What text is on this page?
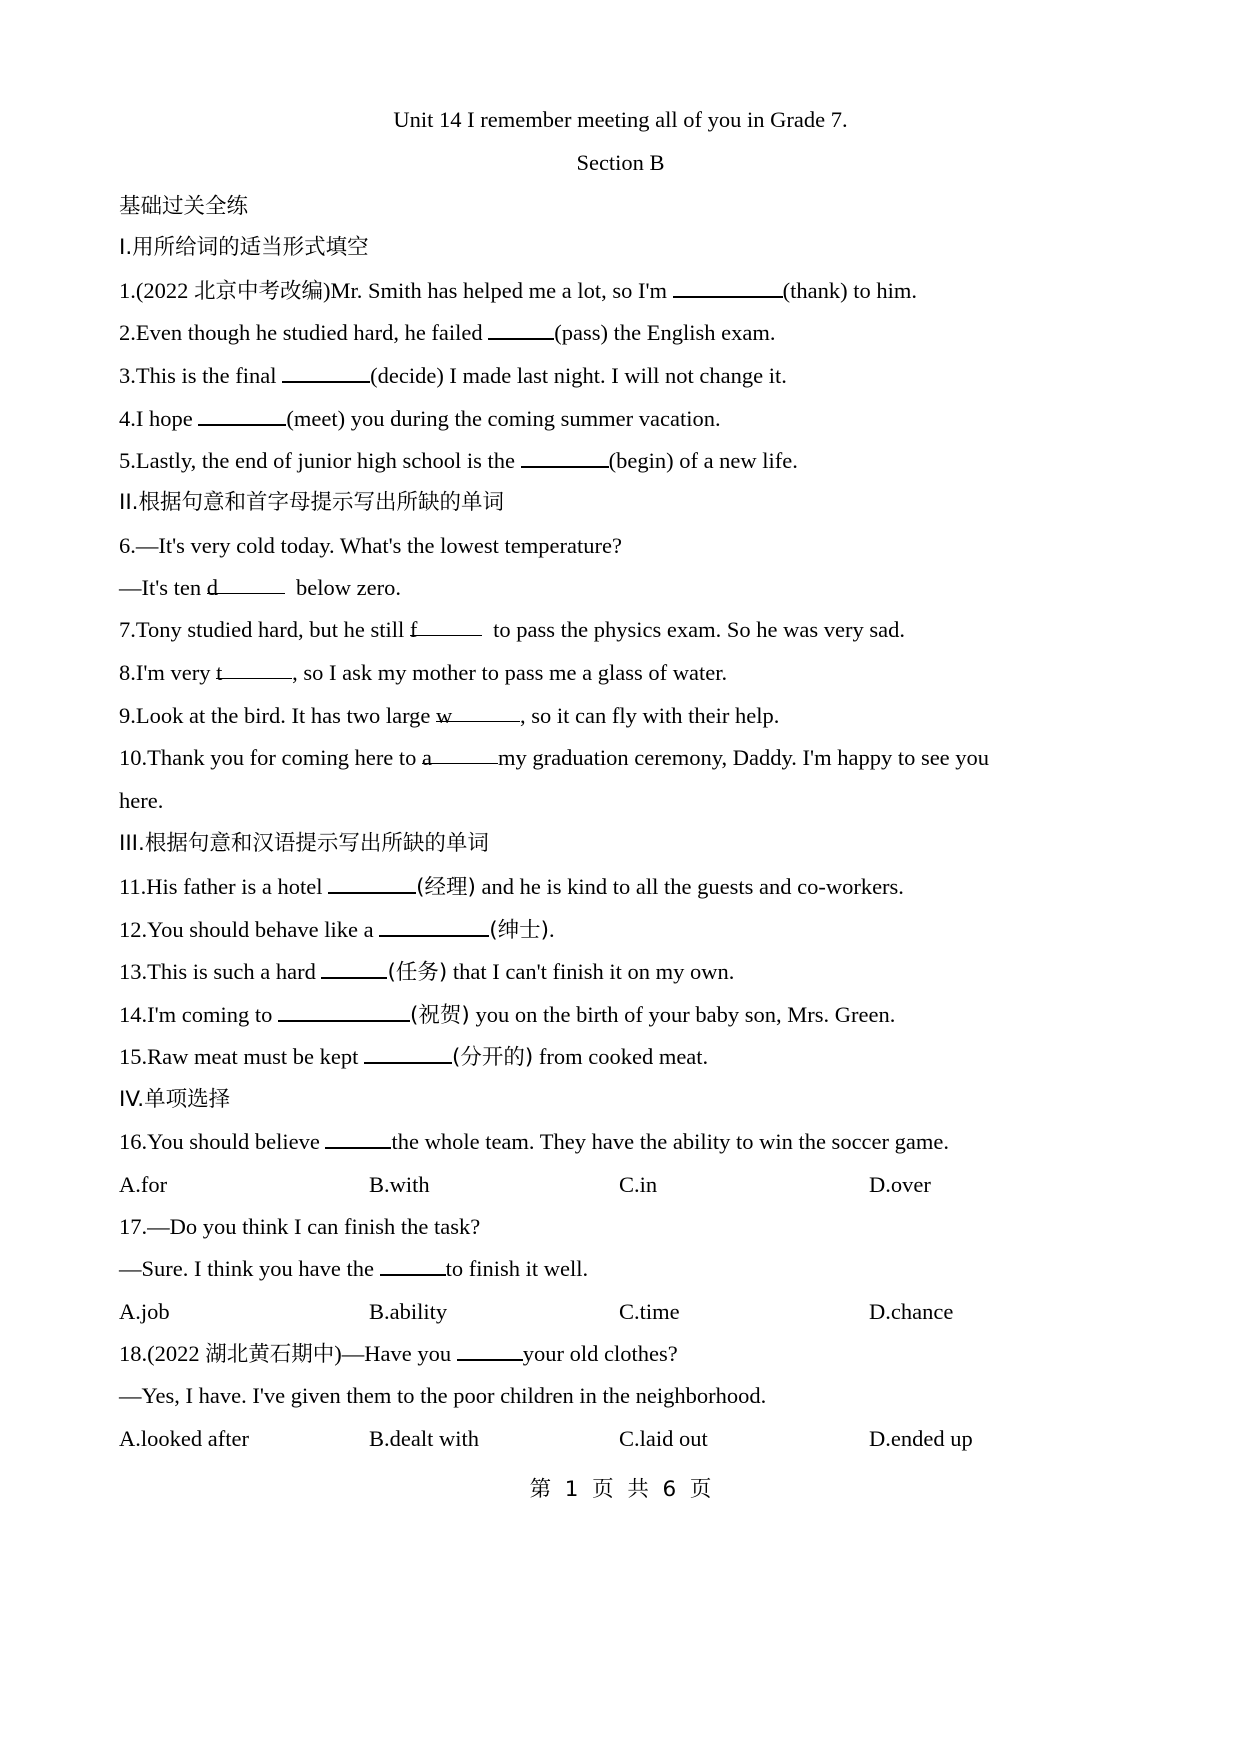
Unit 14 I remember meeting all of you in Grade 7.
Section B
基础过关全练
I.用所给词的适当形式填空
1.(2022 北京中考改编)Mr. Smith has helped me a lot, so I'm	(thank) to him.
2.Even though he studied hard, he failed	(pass) the English exam.
3.This is the final	(decide) I made last night. I will not change it.
4.I hope	(meet) you during the coming summer vacation.
5.Lastly, the end of junior high school is the	(begin) of a new life.
II.根据句意和首字母提示写出所缺的单词
6.—It's very cold today. What's the lowest temperature?
—It's ten d	below zero.
7.Tony studied hard, but he still f	to pass the physics exam. So he was very sad.
8.I'm very t	, so I ask my mother to pass me a glass of water.
9.Look at the bird. It has two large w	, so it can fly with their help.
10.Thank you for coming here to a	my graduation ceremony, Daddy. I'm happy to see you
here.
III.根据句意和汉语提示写出所缺的单词
11.His father is a hotel	(经理) and he is kind to all the guests and co-workers.
12.You should behave like a	(绅士).
13.This is such a hard	(任务) that I can't finish it on my own.
14.I'm coming to	(祝贺) you on the birth of your baby son, Mrs. Green.
15.Raw meat must be kept	(分开的) from cooked meat.
IV.单项选择
16.You should believe	the whole team. They have the ability to win the soccer game.
A.for	B.with	C.in	D.over
17.—Do you think I can finish the task?
—Sure. I think you have the	to finish it well.
A.job	B.ability	C.time	D.chance
18.(2022 湖北黄石期中)—Have you	your old clothes?
—Yes, I have. I've given them to the poor children in the neighborhood.
A.looked after	B.dealt with	C.laid out	D.ended up
第  1  页  共  6  页
